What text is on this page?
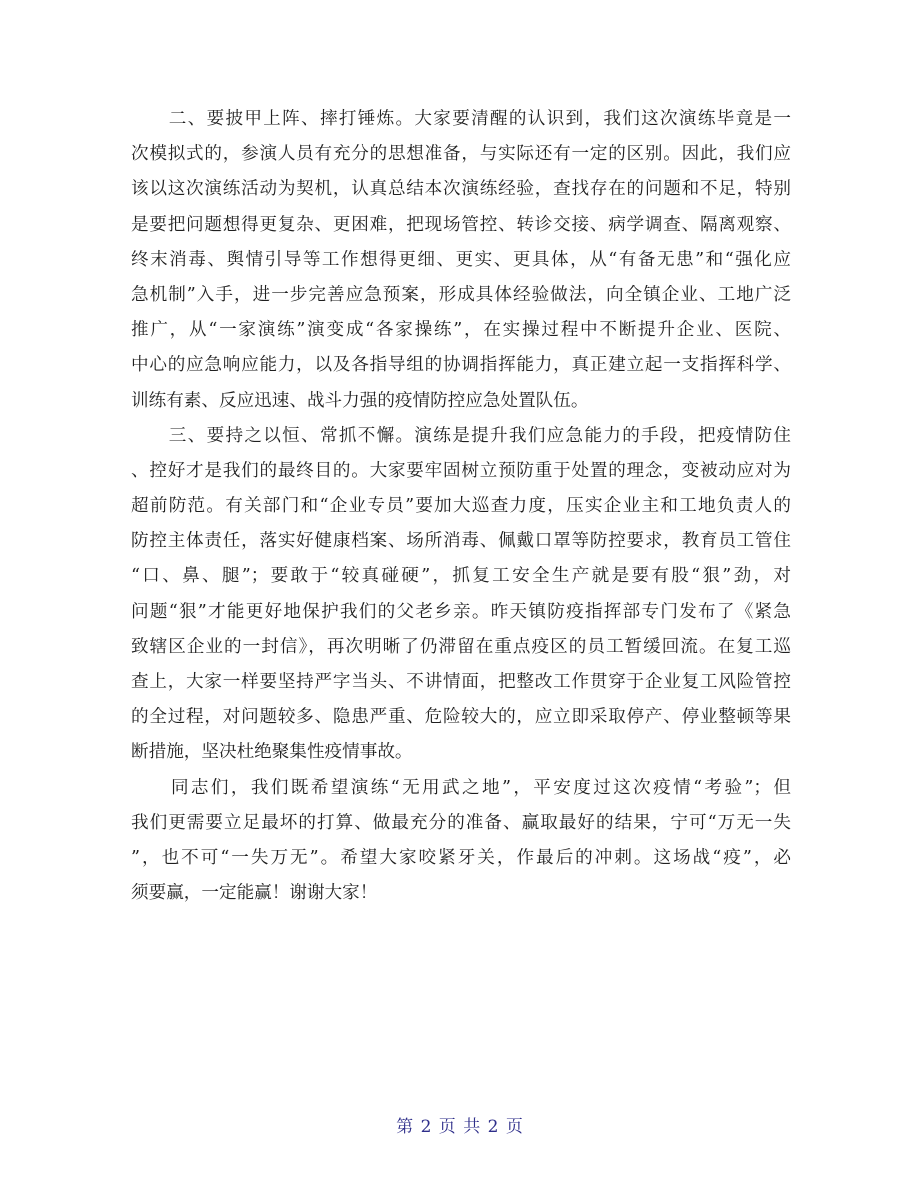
　　二、要披甲上阵、摔打锤炼。大家要清醒的认识到，我们这次演练毕竟是一
次模拟式的，参演人员有充分的思想准备，与实际还有一定的区别。因此，我们应
该以这次演练活动为契机，认真总结本次演练经验，查找存在的问题和不足，特别
是要把问题想得更复杂、更困难，把现场管控、转诊交接、病学调查、隔离观察、
终末消毒、舆情引导等工作想得更细、更实、更具体，从“有备无患”和“强化应
急机制”入手，进一步完善应急预案，形成具体经验做法，向全镇企业、工地广泛
推广，从“一家演练”演变成“各家操练”，在实操过程中不断提升企业、医院、
中心的应急响应能力，以及各指导组的协调指挥能力，真正建立起一支指挥科学、
训练有素、反应迅速、战斗力强的疫情防控应急处置队伍。
　　三、要持之以恒、常抓不懈。演练是提升我们应急能力的手段，把疫情防住
、控好才是我们的最终目的。大家要牢固树立预防重于处置的理念，变被动应对为
超前防范。有关部门和“企业专员”要加大巡查力度，压实企业主和工地负责人的
防控主体责任，落实好健康档案、场所消毒、佩戴口罩等防控要求，教育员工管住
“口、鼻、腿”；要敢于“较真碰硬”，抓复工安全生产就是要有股“狠”劲，对
问题“狠”才能更好地保护我们的父老乡亲。昨天镇防疫指挥部专门发布了《紧急
致辖区企业的一封信》，再次明晰了仍滞留在重点疫区的员工暂缓回流。在复工巡
查上，大家一样要坚持严字当头、不讲情面，把整改工作贯穿于企业复工风险管控
的全过程，对问题较多、隐患严重、危险较大的，应立即采取停产、停业整顿等果
断措施，坚决杜绝聚集性疫情事故。
　　同志们，我们既希望演练“无用武之地”，平安度过这次疫情“考验”；但
我们更需要立足最坏的打算、做最充分的准备、赢取最好的结果，宁可“万无一失
”，也不可“一失万无”。希望大家咬紧牙关，作最后的冲刺。这场战“疫”，必
须要赢，一定能赢！谢谢大家！
第 2 页 共 2 页
